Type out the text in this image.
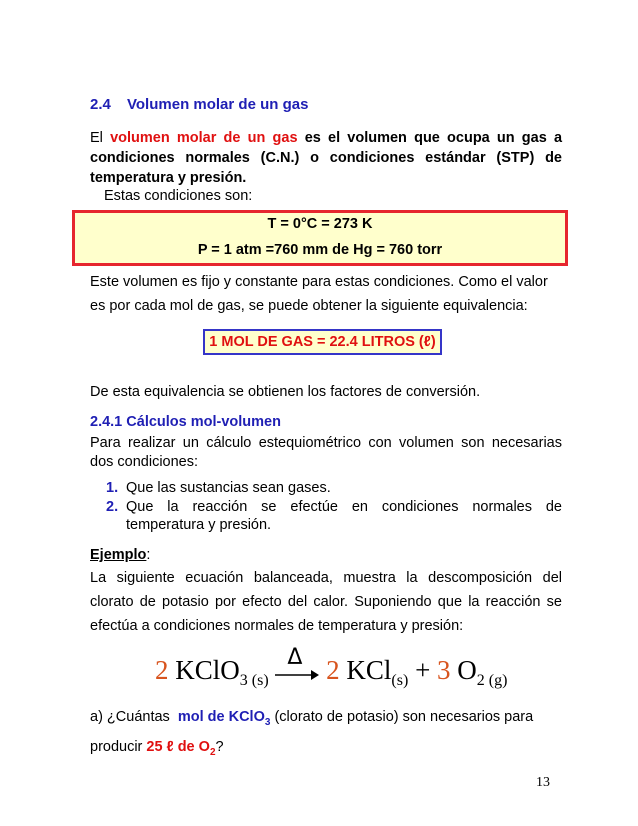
2.4 Volumen molar de un gas
El volumen molar de un gas es el volumen que ocupa un gas a
condiciones normales (C.N.) o condiciones estándar (STP) de
temperatura y presión.
Estas condiciones son:
T = 0°C = 273 K
P = 1 atm =760 mm de Hg = 760 torr
Este volumen es fijo y constante para estas condiciones. Como el valor
es por cada mol de gas, se puede obtener la siguiente equivalencia:
1 MOL DE GAS = 22.4 LITROS (ℓ)
De esta equivalencia se obtienen los factores de conversión.
2.4.1 Cálculos mol-volumen
Para realizar un cálculo estequiométrico con volumen son necesarias
dos condiciones:
1. Que las sustancias sean gases.
2. Que la reacción se efectúe en condiciones normales de
temperatura y presión.
Ejemplo:
La siguiente ecuación balanceada, muestra la descomposición del
clorato de potasio por efecto del calor. Suponiendo que la reacción se
efectúa a condiciones normales de temperatura y presión:
2 KClO$_{3 (s)}$
Δ 2 KCl$_{(s)}$ + 3 $O_{2 (g)}$
a) ¿Cuántas mol de KClO$_3$ (clorato de potasio) son necesarios para
producir 25 ℓ de $O_2$?
13
